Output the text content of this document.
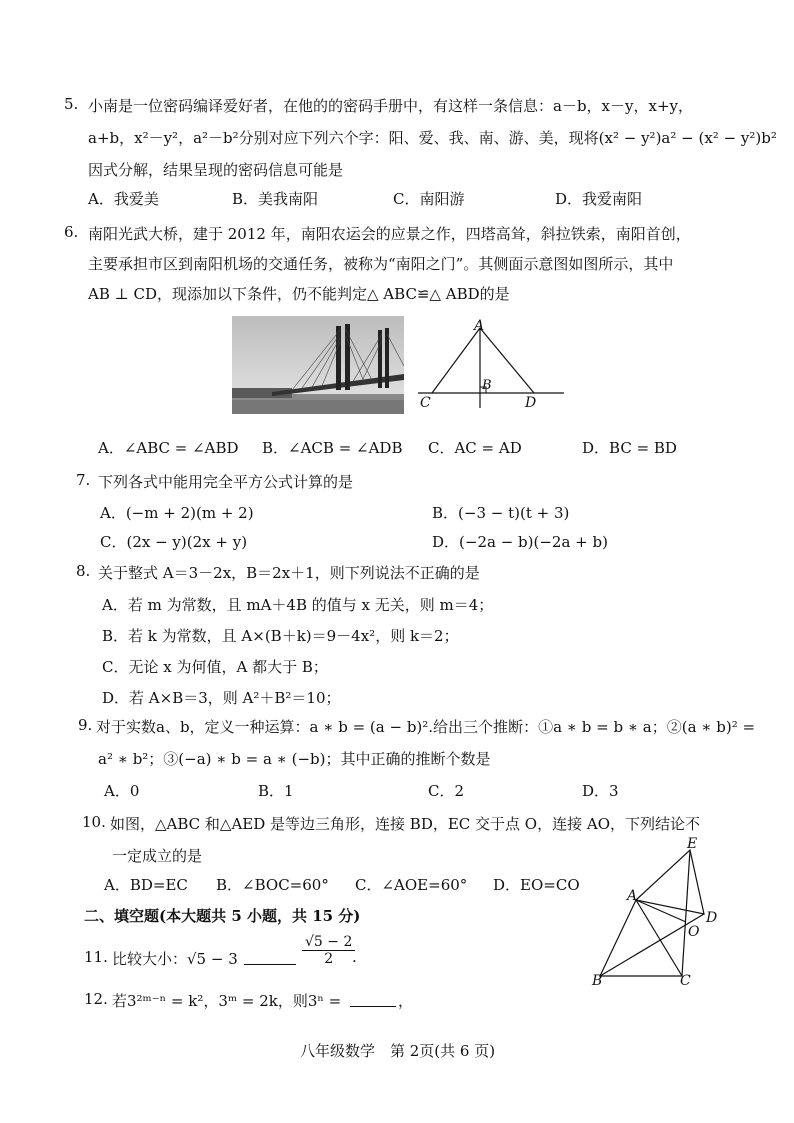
5. 小南是一位密码编译爱好者，在他的的密码手册中，有这样一条信息：a－b，x－y，x+y，
a+b，x²－y²，a²－b²分别对应下列六个字：阳、爱、我、南、游、美，现将(x² − y²)a² − (x² − y²)b²
因式分解，结果呈现的密码信息可能是
A．我爱美	B．美我南阳	C．南阳游	D．我爱南阳
6. 南阳光武大桥，建于 2012 年，南阳农运会的应景之作，四塔高耸，斜拉铁索，南阳首创，
主要承担市区到南阳机场的交通任务，被称为“南阳之门”。其侧面示意图如图所示，其中
AB ⊥ CD，现添加以下条件，仍不能判定△ ABC≌△ ABD的是
A
B
C	D
A．∠ABC = ∠ABD B．∠ACB = ∠ADB C．AC = AD	D．BC = BD
7. 下列各式中能用完全平方公式计算的是
A．(−m + 2)(m + 2)	B．(−3 − t)(t + 3)
C．(2x − y)(2x + y)	D．(−2a − b)(−2a + b)
8. 关于整式 A＝3－2x，B＝2x＋1，则下列说法不正确的是
A．若 m 为常数，且 mA＋4B 的值与 x 无关，则 m＝4；
B．若 k 为常数，且 A×(B＋k)＝9－4x²，则 k＝2；
C．无论 x 为何值，A 都大于 B；
D．若 A×B＝3，则 A²＋B²＝10；
9. 对于实数a、b，定义一种运算：a ∗ b = (a − b)².给出三个推断：①a ∗ b = b ∗ a；②(a ∗ b)² =
a² ∗ b²；③(−a) ∗ b = a ∗ (−b)；其中正确的推断个数是
A．0	B．1	C．2	D．3
10. 如图，△ABC 和△AED 是等边三角形，连接 BD，EC 交于点 O，连接 AO，下列结论不
一定成立的是
A．BD=EC B．∠BOC=60° C．∠AOE=60° D．EO=CO
E
A
D
O
B	C
二、填空题(本大题共 5 小题，共 15 分)
11. 比较大小：√5 − 3	$\frac{√5 - 2}{2}$
.
12. 若3²ᵐ⁻ⁿ = k²，3ᵐ = 2k，则3ⁿ =	，
八年级数学　第 2页(共 6 页)
